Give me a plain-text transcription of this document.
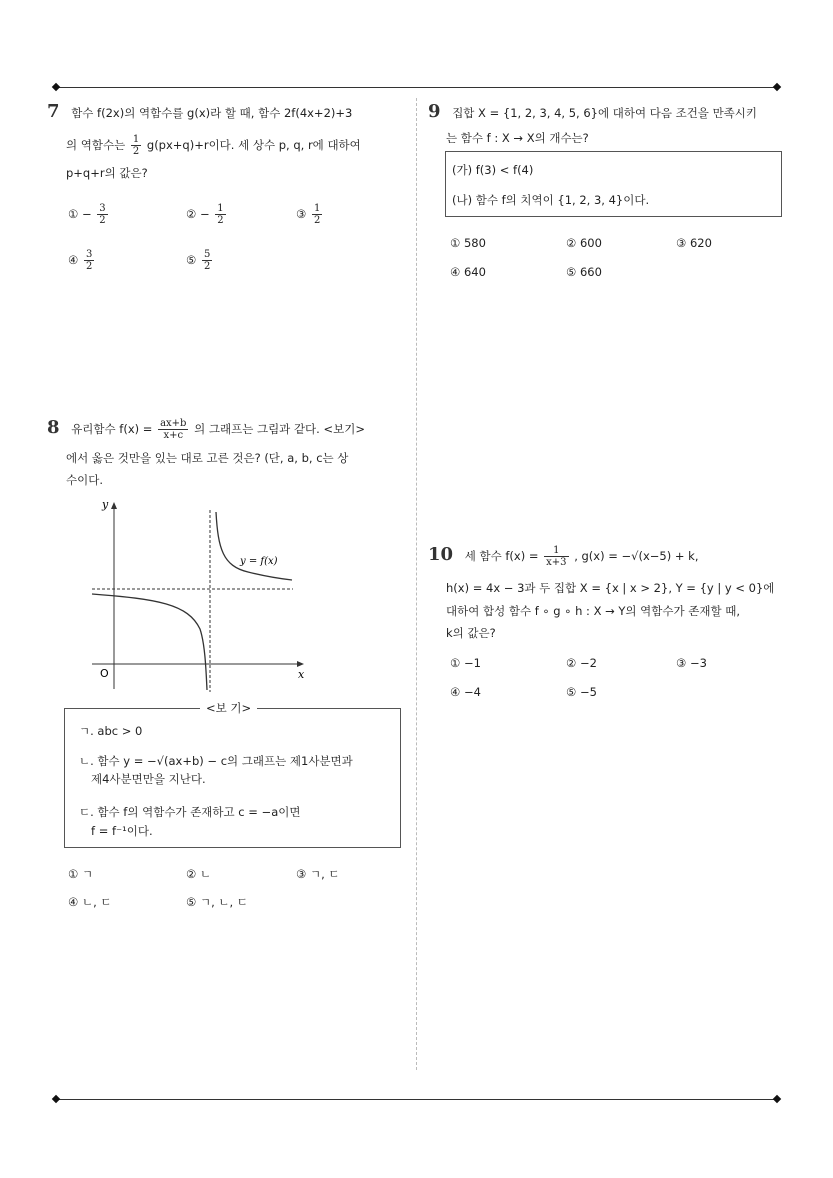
7 함수 f(2x)의 역함수를 g(x)라 할 때, 함수 2f(4x+2)+3
의 역함수는 $\frac{1}{2} g(px+q)+r$이다. 세 상수 p, q, r에 대하여
p+q+r의 값은?
① − $\frac{3}{2}$	② − $\frac{1}{2}$	③ $\frac{1}{2}$
④ $\frac{3}{2}$	⑤ $\frac{5}{2}$
8 유리함수 $f(x) = \frac{ax+b}{x+c}$ 의 그래프는 그림과 같다. <보기>
에서 옳은 것만을 있는 대로 고른 것은? (단, a, b, c는 상
수이다.
y
x
O
y = f(x)
ㄱ. abc > 0
ㄴ. 함수 y = −√(ax+b) − c의 그래프는 제1사분면과
제4사분면만을 지난다.
ㄷ. 함수 f의 역함수가 존재하고 c = −a이면
f = f⁻¹이다.
<보 기>
① ㄱ	② ㄴ	③ ㄱ, ㄷ
④ ㄴ, ㄷ	⑤ ㄱ, ㄴ, ㄷ
9 집합 X = {1, 2, 3, 4, 5, 6}에 대하여 다음 조건을 만족시키
는 함수 f : X → X의 개수는?
(가) f(3) < f(4)
(나) 함수 f의 치역이 {1, 2, 3, 4}이다.
① 580	② 600	③ 620
④ 640	⑤ 660
10 세 함수 $f(x) = \frac{1}{x+3}$ , g(x) = −√(x−5) + k,
h(x) = 4x − 3과 두 집합 X = {x | x > 2}, Y = {y | y < 0}에
대하여 합성 함수 f ∘ g ∘ h : X → Y의 역함수가 존재할 때,
k의 값은?
① −1	② −2	③ −3
④ −4	⑤ −5
